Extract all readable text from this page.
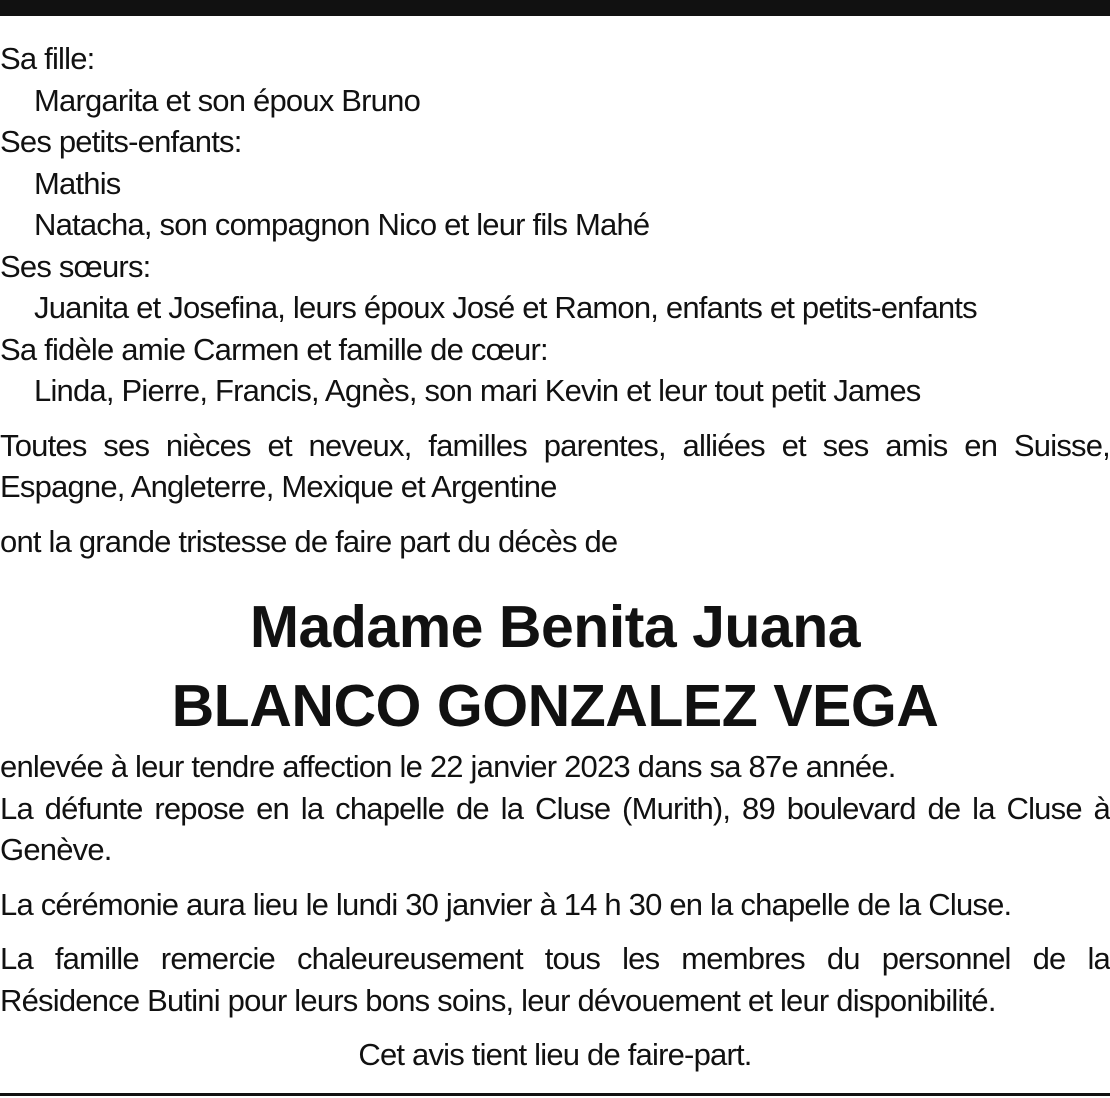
Sa fille:
Margarita et son époux Bruno
Ses petits-enfants:
Mathis
Natacha, son compagnon Nico et leur fils Mahé
Ses sœurs:
Juanita et Josefina, leurs époux José et Ramon, enfants et petits-enfants
Sa fidèle amie Carmen et famille de cœur:
Linda, Pierre, Francis, Agnès, son mari Kevin et leur tout petit James
Toutes ses nièces et neveux, familles parentes, alliées et ses amis en Suisse, Espagne, Angleterre, Mexique et Argentine
ont la grande tristesse de faire part du décès de
Madame Benita Juana
BLANCO GONZALEZ VEGA
enlevée à leur tendre affection le 22 janvier 2023 dans sa 87e année.
La défunte repose en la chapelle de la Cluse (Murith), 89 boulevard de la Cluse à Genève.
La cérémonie aura lieu le lundi 30 janvier à 14 h 30 en la chapelle de la Cluse.
La famille remercie chaleureusement tous les membres du personnel de la Résidence Butini pour leurs bons soins, leur dévouement et leur disponibilité.
Cet avis tient lieu de faire-part.
